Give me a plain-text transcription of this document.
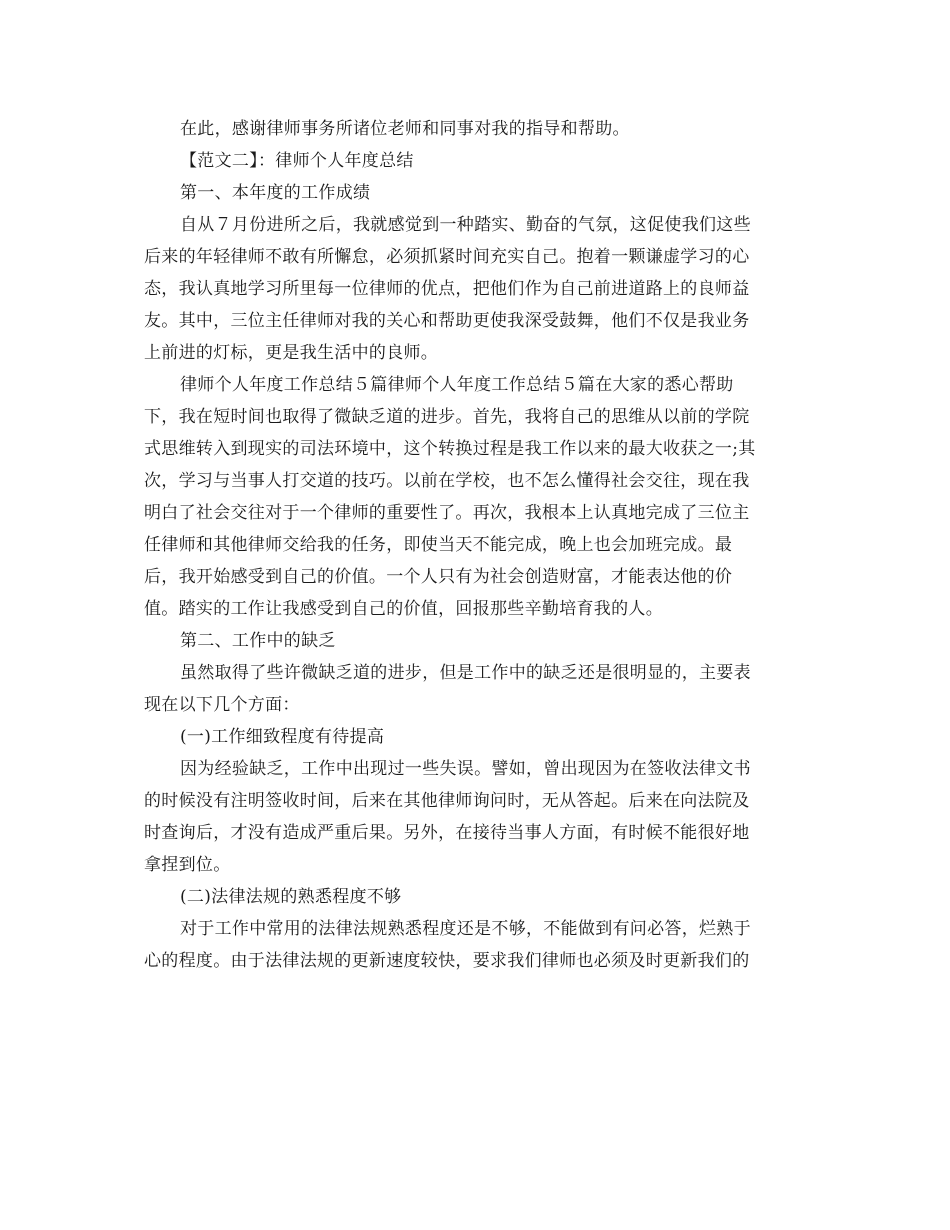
在此，感谢律师事务所诸位老师和同事对我的指导和帮助。
【范文二】：律师个人年度总结
第一、本年度的工作成绩
自从７月份进所之后，我就感觉到一种踏实、勤奋的气氛，这促使我们这些
后来的年轻律师不敢有所懈怠，必须抓紧时间充实自己。抱着一颗谦虚学习的心
态，我认真地学习所里每一位律师的优点，把他们作为自己前进道路上的良师益
友。其中，三位主任律师对我的关心和帮助更使我深受鼓舞，他们不仅是我业务
上前进的灯标，更是我生活中的良师。
律师个人年度工作总结５篇律师个人年度工作总结５篇在大家的悉心帮助
下，我在短时间也取得了微缺乏道的进步。首先，我将自己的思维从以前的学院
式思维转入到现实的司法环境中，这个转换过程是我工作以来的最大收获之一;其
次，学习与当事人打交道的技巧。以前在学校，也不怎么懂得社会交往，现在我
明白了社会交往对于一个律师的重要性了。再次，我根本上认真地完成了三位主
任律师和其他律师交给我的任务，即使当天不能完成，晚上也会加班完成。最
后，我开始感受到自己的价值。一个人只有为社会创造财富，才能表达他的价
值。踏实的工作让我感受到自己的价值，回报那些辛勤培育我的人。
第二、工作中的缺乏
虽然取得了些许微缺乏道的进步，但是工作中的缺乏还是很明显的，主要表
现在以下几个方面：
(一)工作细致程度有待提高
因为经验缺乏，工作中出现过一些失误。譬如，曾出现因为在签收法律文书
的时候没有注明签收时间，后来在其他律师询问时，无从答起。后来在向法院及
时查询后，才没有造成严重后果。另外，在接待当事人方面，有时候不能很好地
拿捏到位。
(二)法律法规的熟悉程度不够
对于工作中常用的法律法规熟悉程度还是不够，不能做到有问必答，烂熟于
心的程度。由于法律法规的更新速度较快，要求我们律师也必须及时更新我们的
